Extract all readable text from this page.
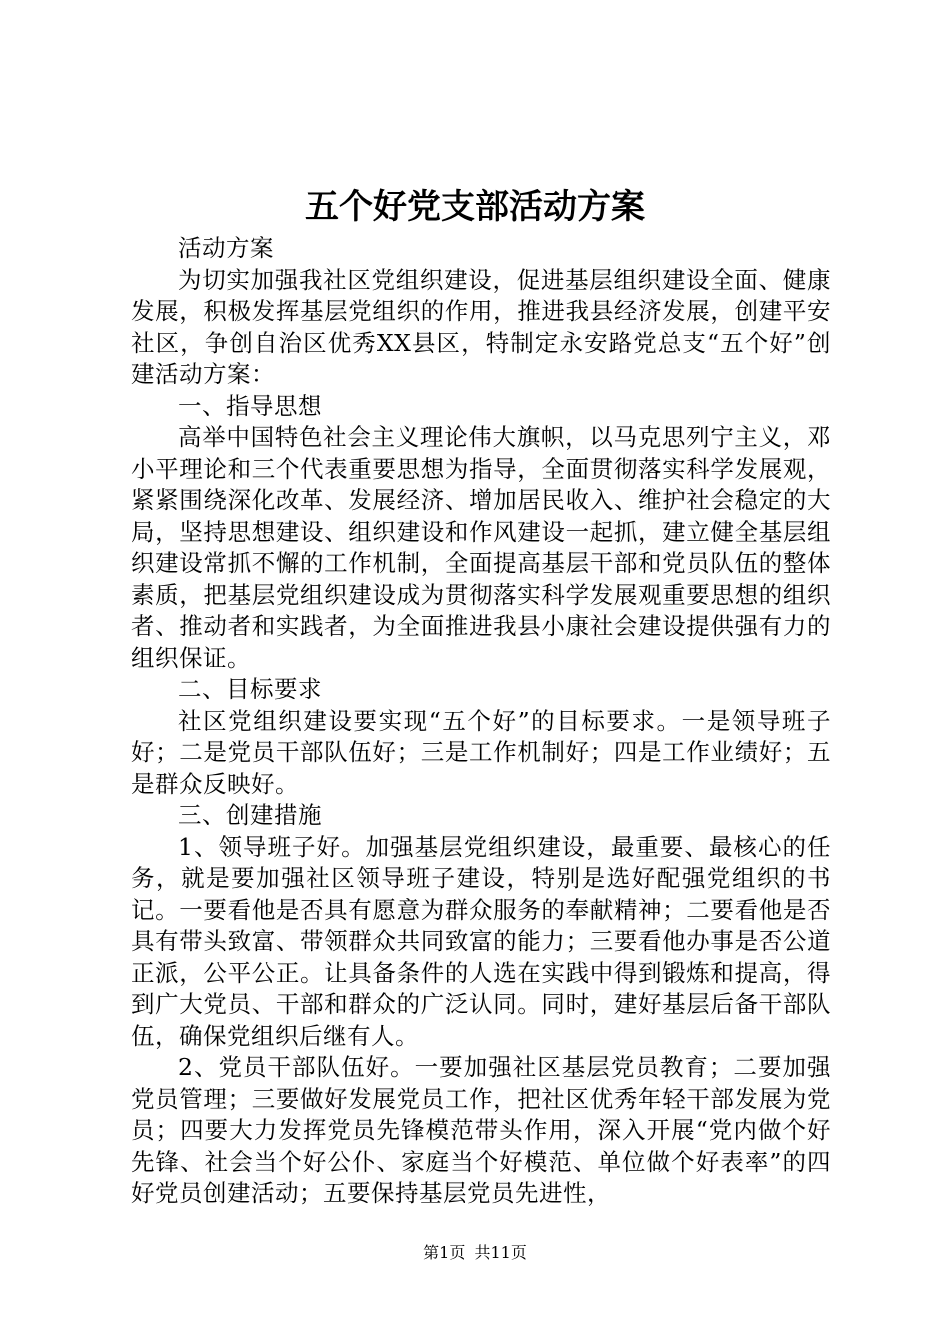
五个好党支部活动方案

活动方案

为切实加强我社区党组织建设，促进基层组织建设全面、健康发展，积极发挥基层党组织的作用，推进我县经济发展，创建平安社区，争创自治区优秀XX县区，特制定永安路党总支“五个好”创建活动方案：

一、指导思想

高举中国特色社会主义理论伟大旗帜，以马克思列宁主义，邓小平理论和三个代表重要思想为指导，全面贯彻落实科学发展观，紧紧围绕深化改革、发展经济、增加居民收入、维护社会稳定的大局，坚持思想建设、组织建设和作风建设一起抓，建立健全基层组织建设常抓不懈的工作机制，全面提高基层干部和党员队伍的整体素质，把基层党组织建设成为贯彻落实科学发展观重要思想的组织者、推动者和实践者，为全面推进我县小康社会建设提供强有力的组织保证。

二、目标要求

社区党组织建设要实现“五个好”的目标要求。一是领导班子好；二是党员干部队伍好；三是工作机制好；四是工作业绩好；五是群众反映好。

三、创建措施

1、领导班子好。加强基层党组织建设，最重要、最核心的任务，就是要加强社区领导班子建设，特别是选好配强党组织的书记。一要看他是否具有愿意为群众服务的奉献精神；二要看他是否具有带头致富、带领群众共同致富的能力；三要看他办事是否公道正派，公平公正。让具备条件的人选在实践中得到锻炼和提高，得到广大党员、干部和群众的广泛认同。同时，建好基层后备干部队伍，确保党组织后继有人。

2、党员干部队伍好。一要加强社区基层党员教育；二要加强党员管理；三要做好发展党员工作，把社区优秀年轻干部发展为党员；四要大力发挥党员先锋模范带头作用，深入开展“党内做个好先锋、社会当个好公仆、家庭当个好模范、单位做个好表率”的四好党员创建活动；五要保持基层党员先进性，

第1页 共11页
